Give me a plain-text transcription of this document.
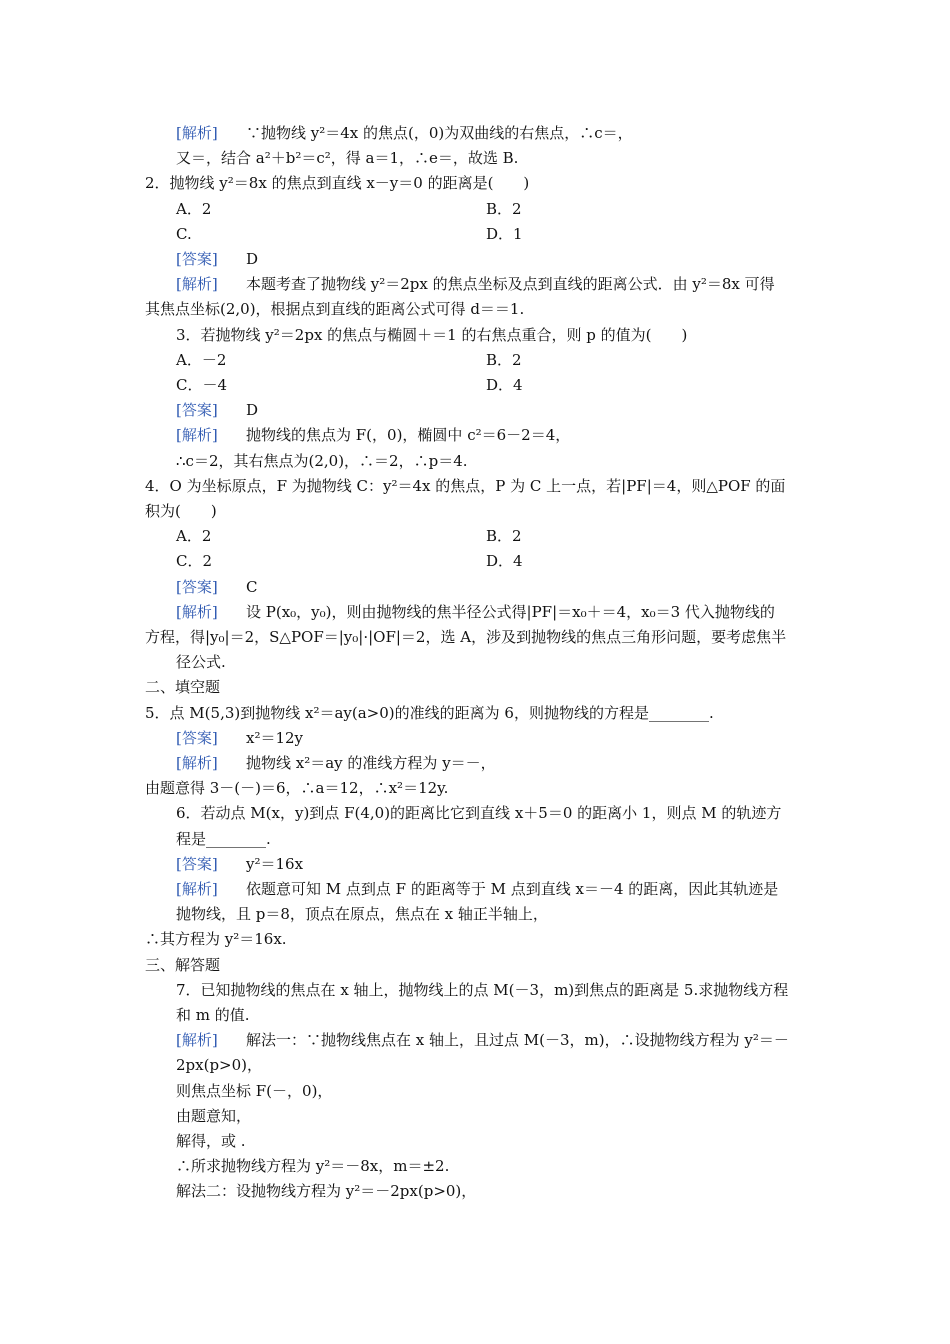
[解析] ∵抛物线 y²＝4x 的焦点(，0)为双曲线的右焦点，∴c＝，
又＝，结合 a²＋b²＝c²，得 a＝1，∴e＝，故选 B.
2．抛物线 y²＝8x 的焦点到直线 x－y＝0 的距离是(　　)
A．2	B．2
C.	D．1
[答案] D
[解析] 本题考查了抛物线 y²＝2px 的焦点坐标及点到直线的距离公式．由 y²＝8x 可得
其焦点坐标(2,0)，根据点到直线的距离公式可得 d＝＝1.
3．若抛物线 y²＝2px 的焦点与椭圆＋＝1 的右焦点重合，则 p 的值为(　　)
A．－2	B．2
C．－4	D．4
[答案] D
[解析] 抛物线的焦点为 F(，0)，椭圆中 c²＝6－2＝4，
∴c＝2，其右焦点为(2,0)，∴＝2，∴p＝4.
4．O 为坐标原点，F 为抛物线 C：y²＝4x 的焦点，P 为 C 上一点，若|PF|＝4，则△POF 的面
积为(　　)
A．2	B．2
C．2	D．4
[答案] C
[解析] 设 P(x₀，y₀)，则由抛物线的焦半径公式得|PF|＝x₀＋＝4，x₀＝3 代入抛物线的
方程，得|y₀|＝2，S△POF＝|y₀|·|OF|＝2，选 A，涉及到抛物线的焦点三角形问题，要考虑焦半
径公式.
二、填空题
5．点 M(5,3)到抛物线 x²＝ay(a>0)的准线的距离为 6，则抛物线的方程是________.
[答案] x²＝12y
[解析] 抛物线 x²＝ay 的准线方程为 y＝－，
由题意得 3－(－)＝6，∴a＝12，∴x²＝12y.
6．若动点 M(x，y)到点 F(4,0)的距离比它到直线 x＋5＝0 的距离小 1，则点 M 的轨迹方
程是________.
[答案] y²＝16x
[解析] 依题意可知 M 点到点 F 的距离等于 M 点到直线 x＝－4 的距离，因此其轨迹是
抛物线，且 p＝8，顶点在原点，焦点在 x 轴正半轴上，
∴其方程为 y²＝16x.
三、解答题
7．已知抛物线的焦点在 x 轴上，抛物线上的点 M(－3，m)到焦点的距离是 5.求抛物线方程
和 m 的值.
[解析] 解法一：∵抛物线焦点在 x 轴上，且过点 M(－3，m)，∴设抛物线方程为 y²＝－
2px(p>0)，
则焦点坐标 F(－，0)，
由题意知，
解得，或 .
∴所求抛物线方程为 y²＝－8x，m＝±2.
解法二：设抛物线方程为 y²＝－2px(p>0)，
